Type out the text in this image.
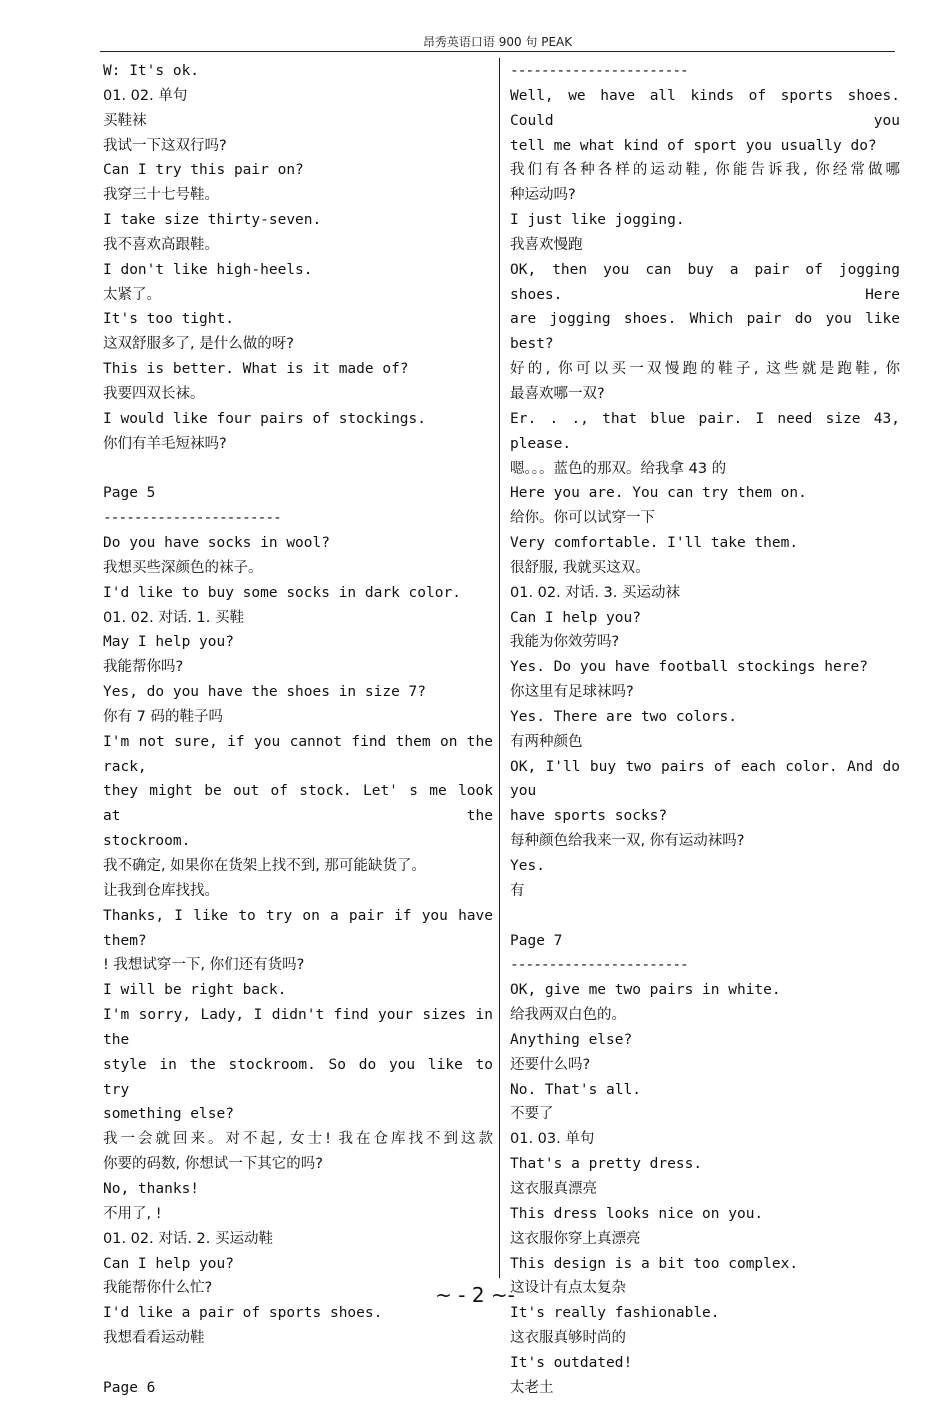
昂秀英语口语 900 句 PEAK
W: It's ok.
01. 02. 单句
买鞋袜
我试一下这双行吗?
Can I try this pair on?
我穿三十七号鞋。
I take size thirty-seven.
我不喜欢高跟鞋。
I don't like high-heels.
太紧了。
It's too tight.
这双舒服多了, 是什么做的呀?
This is better. What is it made of?
我要四双长袜。
I would like four pairs of stockings.
你们有羊毛短袜吗?
Page 5
-----------------------
Do you have socks in wool?
我想买些深颜色的袜子。
I'd like to buy some socks in dark color.
01. 02. 对话. 1. 买鞋
May I help you?
我能帮你吗?
Yes, do you have the shoes in size 7?
你有 7 码的鞋子吗
I'm not sure, if you cannot find them on the rack,
they might be out of stock. Let' s me look at the
stockroom.
我不确定, 如果你在货架上找不到, 那可能缺货了。
让我到仓库找找。
Thanks, I like to try on a pair if you have them?
! 我想试穿一下, 你们还有货吗?
I will be right back.
I'm sorry, Lady, I didn't find your sizes in the
style in the stockroom. So do you like to try
something else?
我一会就回来。对不起, 女士! 我在仓库找不到这款
你要的码数, 你想试一下其它的吗?
No, thanks!
不用了, !
01. 02. 对话. 2. 买运动鞋
Can I help you?
我能帮你什么忙?
I'd like a pair of sports shoes.
我想看看运动鞋
Page 6
-----------------------
Well, we have all kinds of sports shoes. Could you
tell me what kind of sport you usually do?
我们有各种各样的运动鞋, 你能告诉我, 你经常做哪
种运动吗?
I just like jogging.
我喜欢慢跑
OK, then you can buy a pair of jogging shoes. Here
are jogging shoes. Which pair do you like best?
好的, 你可以买一双慢跑的鞋子, 这些就是跑鞋, 你
最喜欢哪一双?
Er. . ., that blue pair. I need size 43, please.
嗯。。。蓝色的那双。给我拿 43 的
Here you are. You can try them on.
给你。你可以试穿一下
Very comfortable. I'll take them.
很舒服, 我就买这双。
01. 02. 对话. 3. 买运动袜
Can I help you?
我能为你效劳吗?
Yes. Do you have football stockings here?
你这里有足球袜吗?
Yes. There are two colors.
有两种颜色
OK, I'll buy two pairs of each color. And do you
have sports socks?
每种颜色给我来一双, 你有运动袜吗?
Yes.
有
Page 7
-----------------------
OK, give me two pairs in white.
给我两双白色的。
Anything else?
还要什么吗?
No. That's all.
不要了
01. 03. 单句
That's a pretty dress.
这衣服真漂亮
This dress looks nice on you.
这衣服你穿上真漂亮
This design is a bit too complex.
这设计有点太复杂
It's really fashionable.
这衣服真够时尚的
It's outdated!
太老土
~ - 2 ~-
